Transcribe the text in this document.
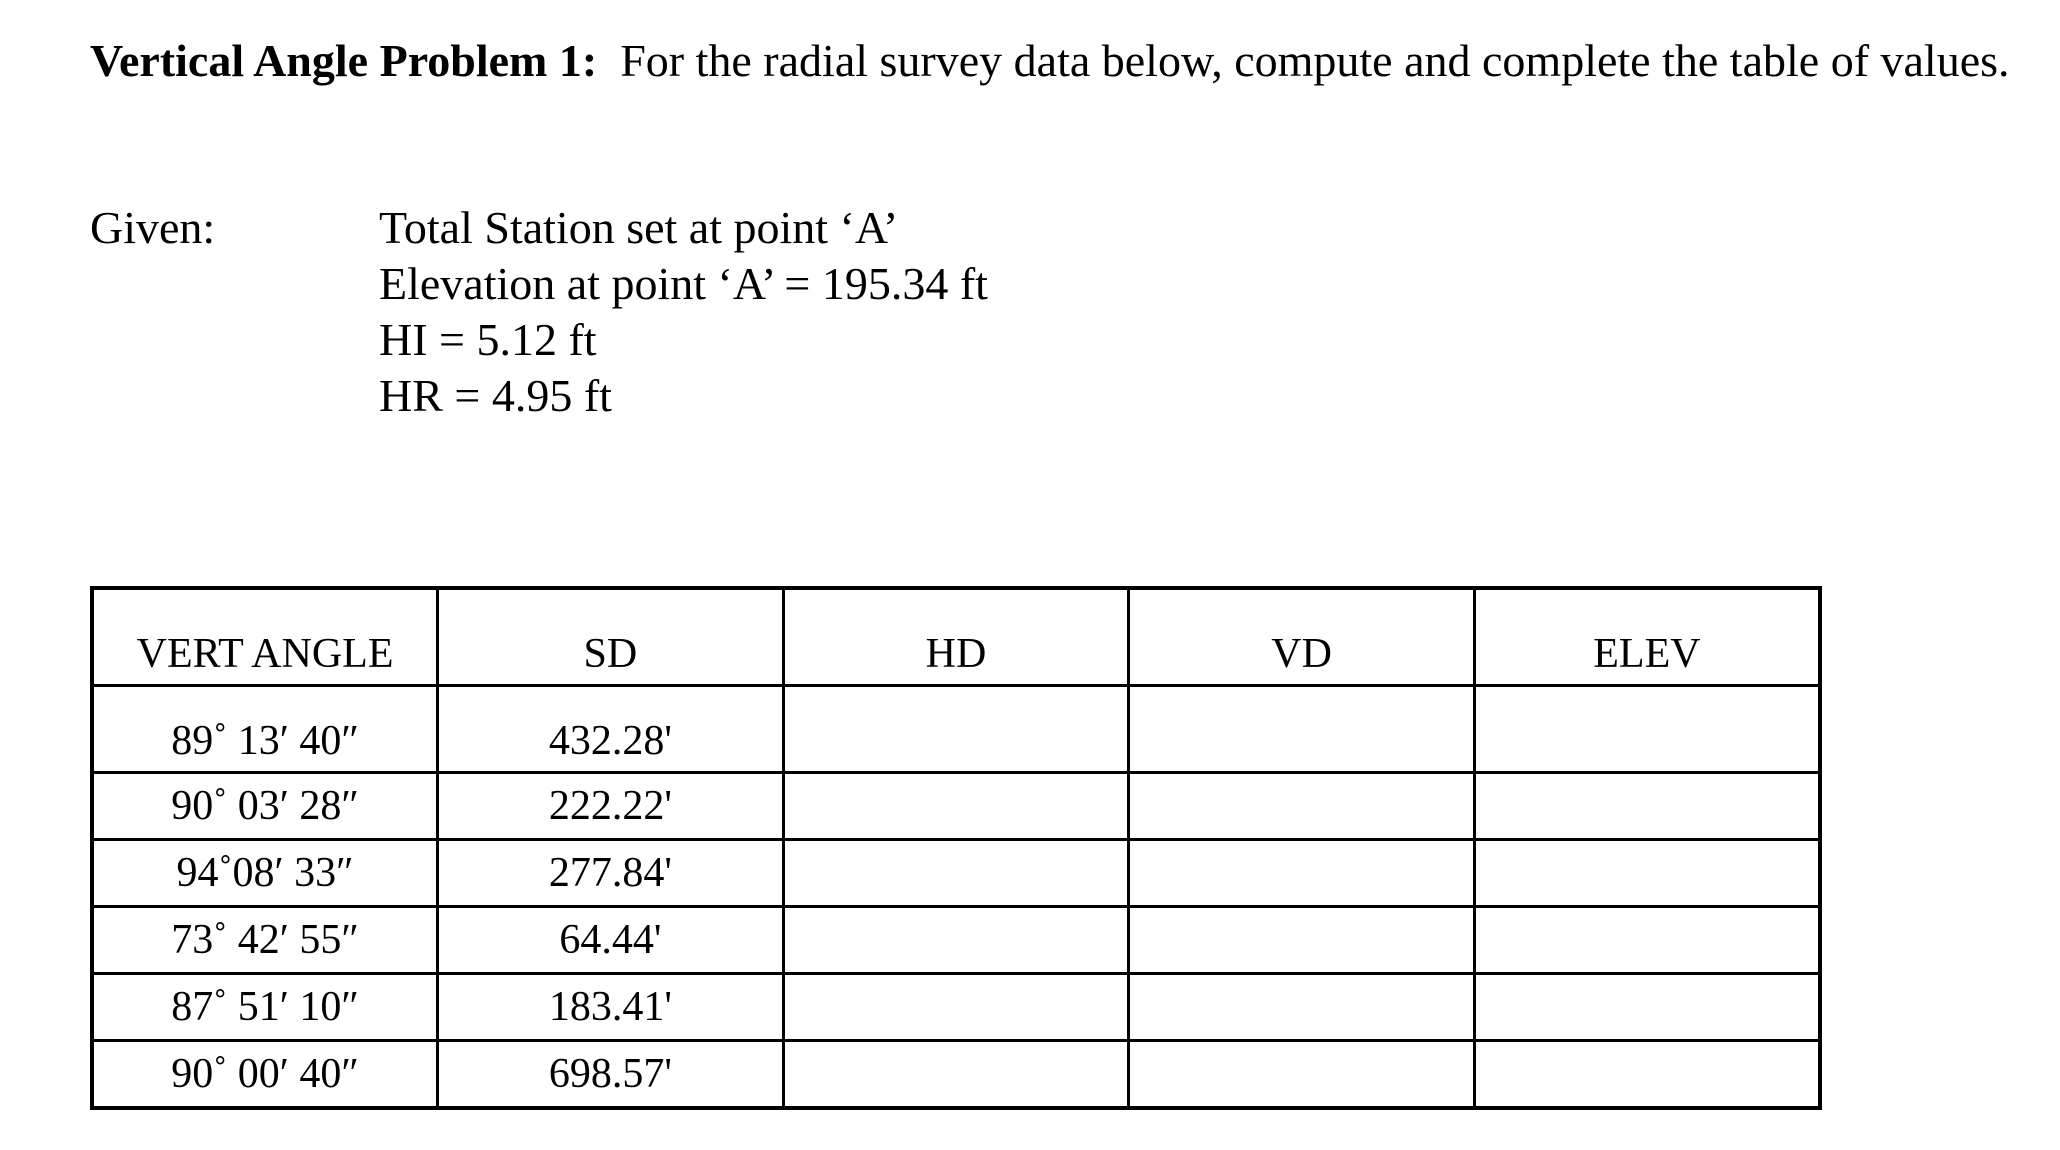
Vertical Angle Problem 1: For the radial survey data below, compute and complete the table of values.
Given:	Total Station set at point ‘A’
Elevation at point ‘A’ = 195.34 ft
HI = 5.12 ft
HR = 4.95 ft
VERT ANGLE	SD	HD	VD	ELEV
89˚ 13′ 40″	432.28'			
90˚ 03′ 28″	222.22'			
94˚08′ 33″	277.84'			
73˚ 42′ 55″	64.44'			
87˚ 51′ 10″	183.41'			
90˚ 00′ 40″	698.57'			
